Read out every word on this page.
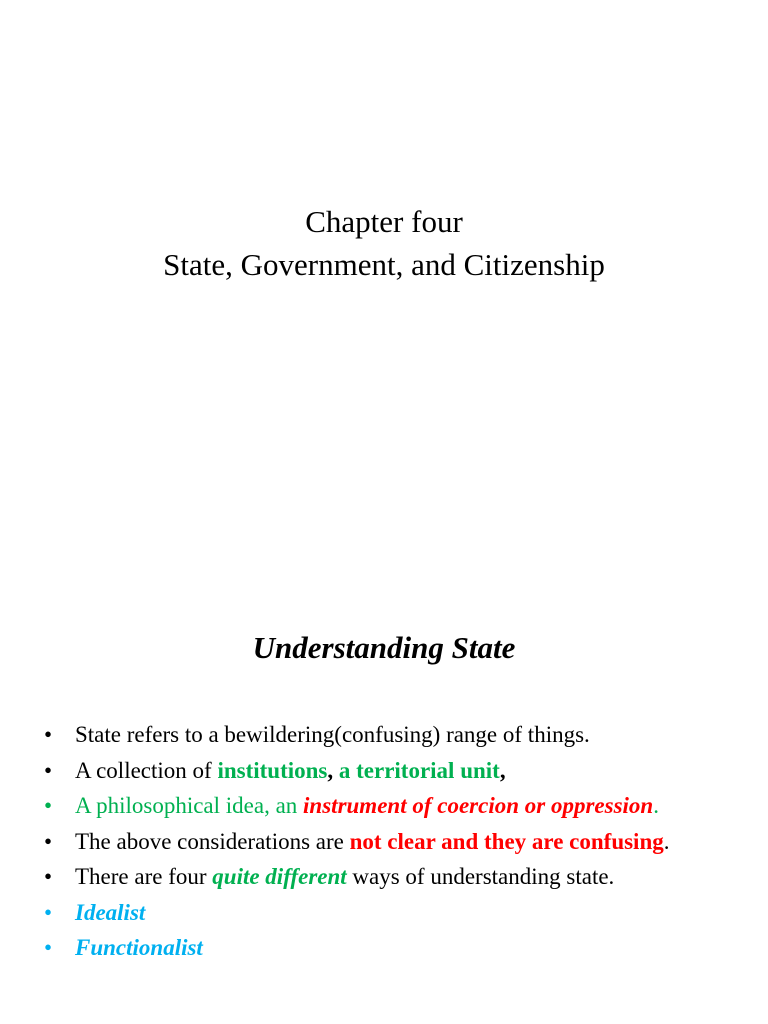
Chapter four
State, Government, and Citizenship
Understanding State
• State refers to a bewildering(confusing) range of things.
• A collection of institutions, a territorial unit,
• A philosophical idea, an instrument of coercion or oppression.
• The above considerations are not clear and they are confusing.
• There are four quite different ways of understanding state.
• Idealist
• Functionalist
